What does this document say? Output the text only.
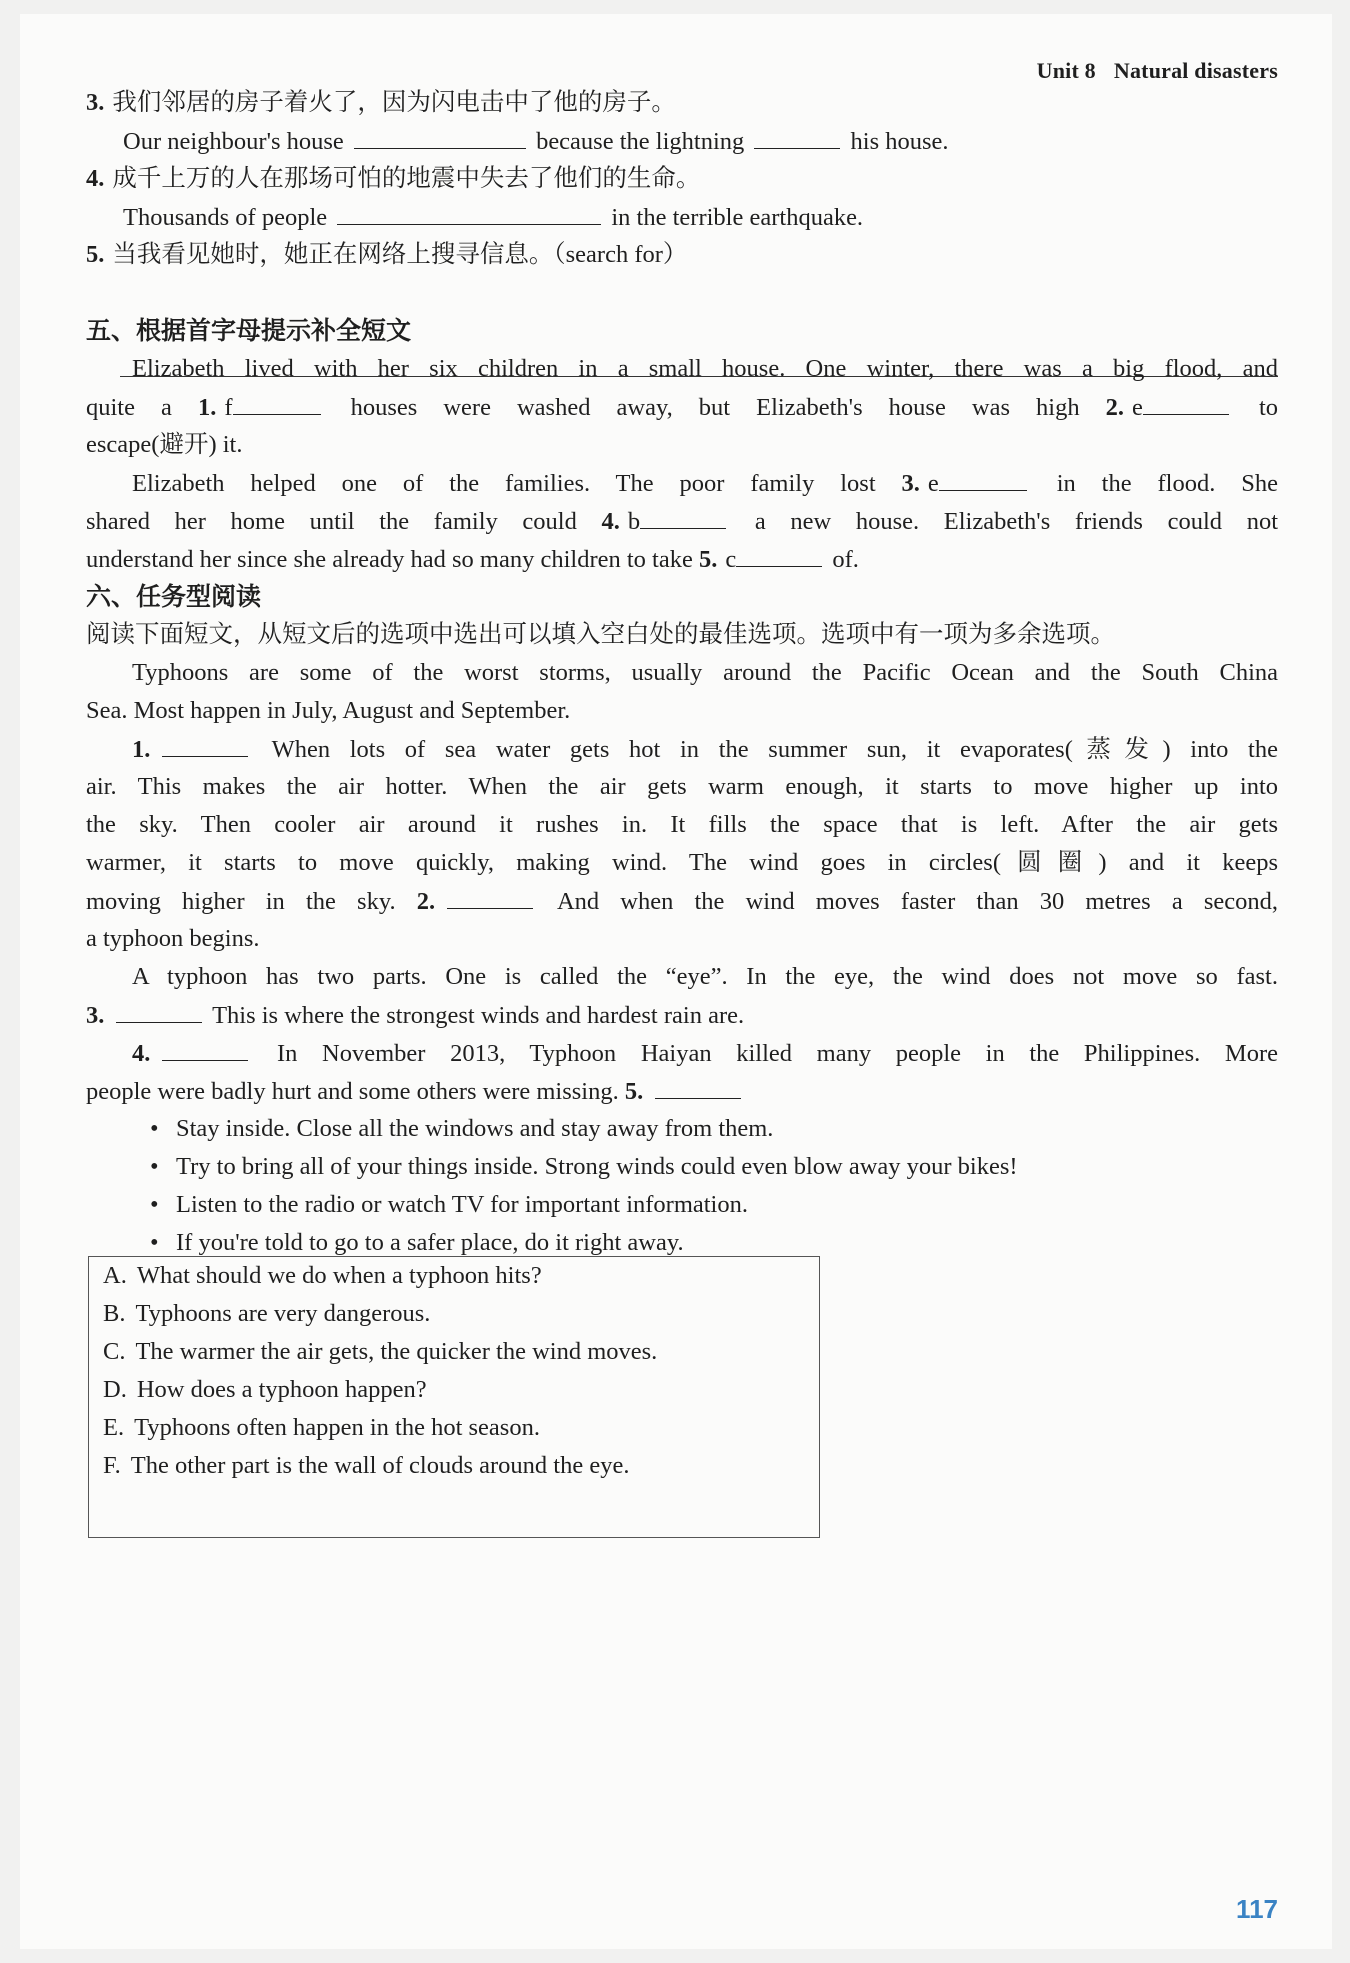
Unit 8 Natural disasters
3. 我们邻居的房子着火了，因为闪电击中了他的房子。
Our neighbour's house	because the lightning	his house.
4. 成千上万的人在那场可怕的地震中失去了他们的生命。
Thousands of people	in the terrible earthquake.
5. 当我看见她时，她正在网络上搜寻信息。（search for）
五、根据首字母提示补全短文
Elizabeth lived with her six children in a small house. One winter, there was a big flood, and
quite a 1. f	houses were washed away, but Elizabeth's house was high 2. e	to
escape(避开) it.
Elizabeth helped one of the families. The poor family lost 3. e	in the flood. She
shared her home until the family could 4. b	a new house. Elizabeth's friends could not
understand her since she already had so many children to take 5. c	of.
六、任务型阅读
阅读下面短文，从短文后的选项中选出可以填入空白处的最佳选项。选项中有一项为多余选项。
Typhoons are some of the worst storms, usually around the Pacific Ocean and the South China
Sea. Most happen in July, August and September.
1.	When lots of sea water gets hot in the summer sun, it evaporates(蒸发) into the
air. This makes the air hotter. When the air gets warm enough, it starts to move higher up into
the sky. Then cooler air around it rushes in. It fills the space that is left. After the air gets
warmer, it starts to move quickly, making wind. The wind goes in circles(圆圈) and it keeps
moving higher in the sky. 2.	And when the wind moves faster than 30 metres a second,
a typhoon begins.
A typhoon has two parts. One is called the “eye”. In the eye, the wind does not move so fast.
3.	This is where the strongest winds and hardest rain are.
4.	In November 2013, Typhoon Haiyan killed many people in the Philippines. More
people were badly hurt and some others were missing. 5.
• Stay inside. Close all the windows and stay away from them.
• Try to bring all of your things inside. Strong winds could even blow away your bikes!
• Listen to the radio or watch TV for important information.
• If you're told to go to a safer place, do it right away.
A. What should we do when a typhoon hits?
B. Typhoons are very dangerous.
C. The warmer the air gets, the quicker the wind moves.
D. How does a typhoon happen?
E. Typhoons often happen in the hot season.
F. The other part is the wall of clouds around the eye.
117
